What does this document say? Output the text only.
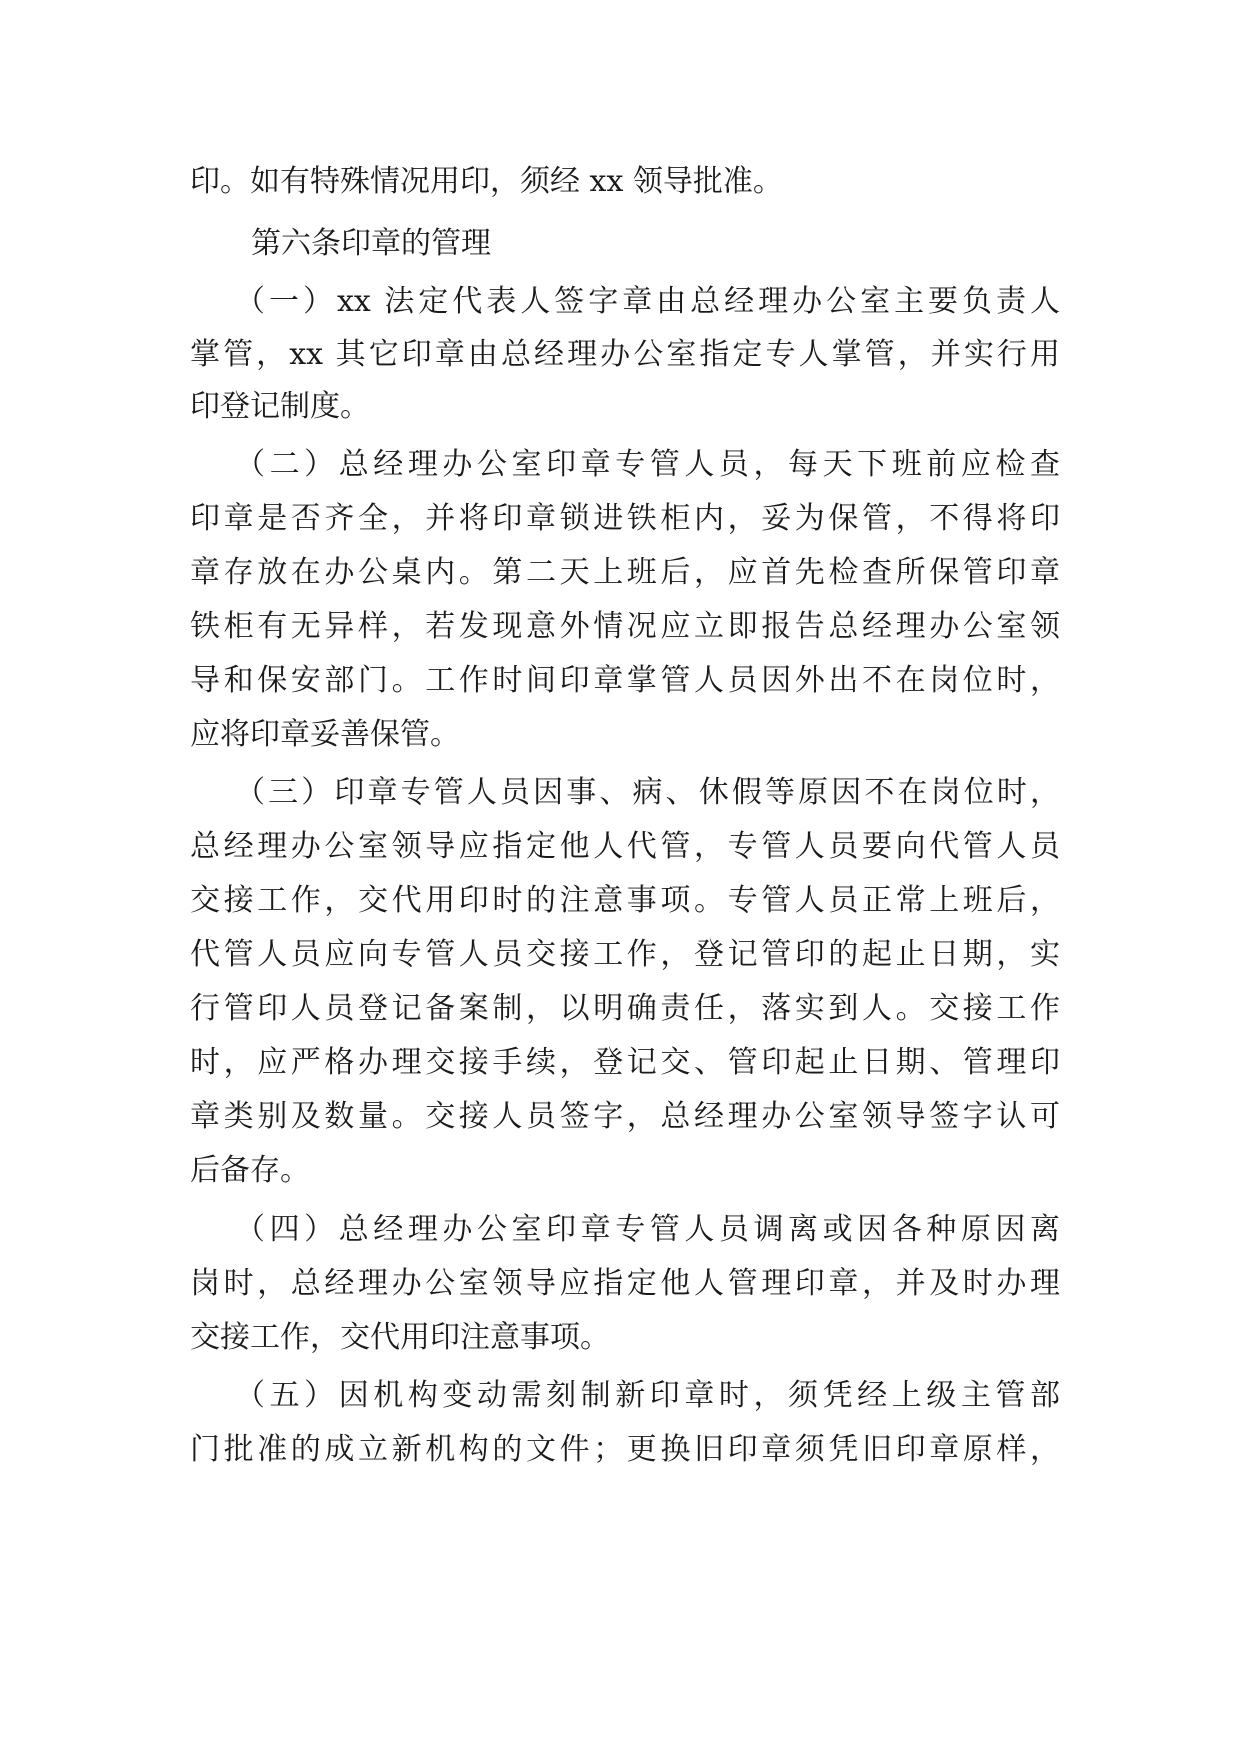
印。如有特殊情况用印，须经 xx 领导批准。
第六条印章的管理
（一）xx 法定代表人签字章由总经理办公室主要负责人
掌管，xx 其它印章由总经理办公室指定专人掌管，并实行用
印登记制度。
（二）总经理办公室印章专管人员，每天下班前应检查
印章是否齐全，并将印章锁进铁柜内，妥为保管，不得将印
章存放在办公桌内。第二天上班后，应首先检查所保管印章
铁柜有无异样，若发现意外情况应立即报告总经理办公室领
导和保安部门。工作时间印章掌管人员因外出不在岗位时，
应将印章妥善保管。
（三）印章专管人员因事、病、休假等原因不在岗位时，
总经理办公室领导应指定他人代管，专管人员要向代管人员
交接工作，交代用印时的注意事项。专管人员正常上班后，
代管人员应向专管人员交接工作，登记管印的起止日期，实
行管印人员登记备案制，以明确责任，落实到人。交接工作
时，应严格办理交接手续，登记交、管印起止日期、管理印
章类别及数量。交接人员签字，总经理办公室领导签字认可
后备存。
（四）总经理办公室印章专管人员调离或因各种原因离
岗时，总经理办公室领导应指定他人管理印章，并及时办理
交接工作，交代用印注意事项。
（五）因机构变动需刻制新印章时，须凭经上级主管部
门批准的成立新机构的文件；更换旧印章须凭旧印章原样，
